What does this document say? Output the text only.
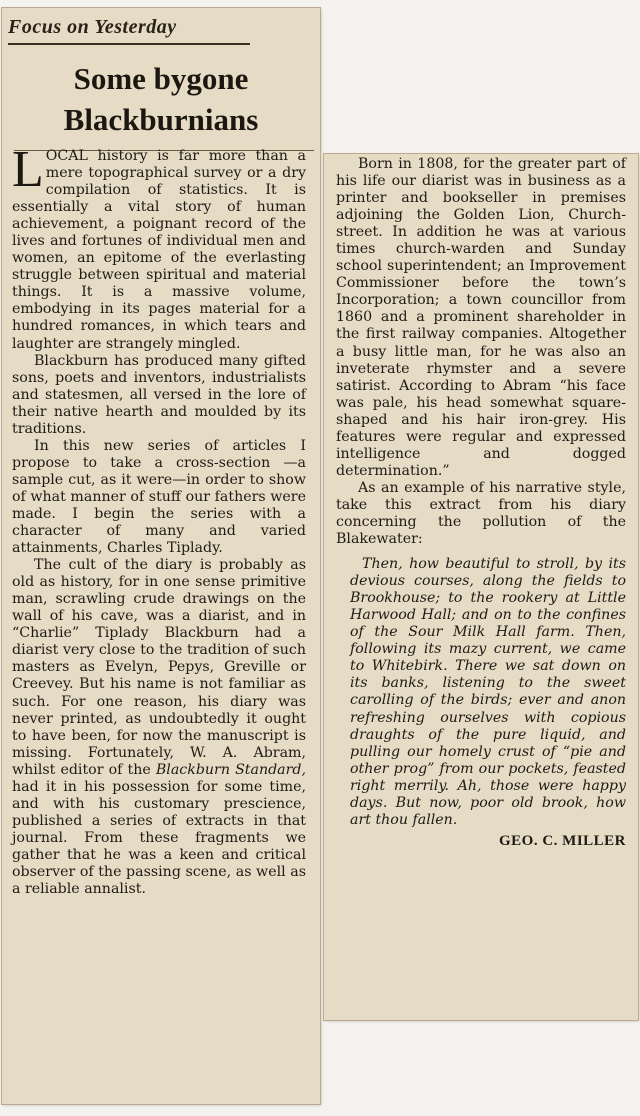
Focus on Yesterday
Some bygone
Blackburnians

LOCAL history is far more than a mere topographical survey or a dry compilation of statistics. It is essentially a vital story of human achievement, a poignant record of the lives and fortunes of individual men and women, an epitome of the everlasting struggle between spiritual and material things. It is a massive volume, embodying in its pages material for a hundred romances, in which tears and laughter are strangely mingled.

Blackburn has produced many gifted sons, poets and inventors, industrialists and statesmen, all versed in the lore of their native hearth and moulded by its traditions.

In this new series of articles I propose to take a cross-section —a sample cut, as it were—in order to show of what manner of stuff our fathers were made. I begin the series with a character of many and varied attainments, Charles Tiplady.

The cult of the diary is probably as old as history, for in one sense primitive man, scrawling crude drawings on the wall of his cave, was a diarist, and in “Charlie” Tiplady Blackburn had a diarist very close to the tradition of such masters as Evelyn, Pepys, Greville or Creevey. But his name is not familiar as such. For one reason, his diary was never printed, as undoubtedly it ought to have been, for now the manuscript is missing. Fortunately, W. A. Abram, whilst editor of the Blackburn Standard, had it in his possession for some time, and with his customary prescience, published a series of extracts in that journal. From these fragments we gather that he was a keen and critical observer of the passing scene, as well as a reliable annalist.

Born in 1808, for the greater part of his life our diarist was in business as a printer and bookseller in premises adjoining the Golden Lion, Church-street. In addition he was at various times church-warden and Sunday school superintendent; an Improvement Commissioner before the town’s Incorporation; a town councillor from 1860 and a prominent shareholder in the first railway companies. Altogether a busy little man, for he was also an inveterate rhymster and a severe satirist. According to Abram “his face was pale, his head somewhat square-shaped and his hair iron-grey. His features were regular and expressed intelligence and dogged determination.”

As an example of his narrative style, take this extract from his diary concerning the pollution of the Blakewater:

Then, how beautiful to stroll, by its devious courses, along the fields to Brookhouse; to the rookery at Little Harwood Hall; and on to the confines of the Sour Milk Hall farm. Then, following its mazy current, we came to Whitebirk. There we sat down on its banks, listening to the sweet carolling of the birds; ever and anon refreshing ourselves with copious draughts of the pure liquid, and pulling our homely crust of “pie and other prog” from our pockets, feasted right merrily. Ah, those were happy days. But now, poor old brook, how art thou fallen.

GEO. C. MILLER
